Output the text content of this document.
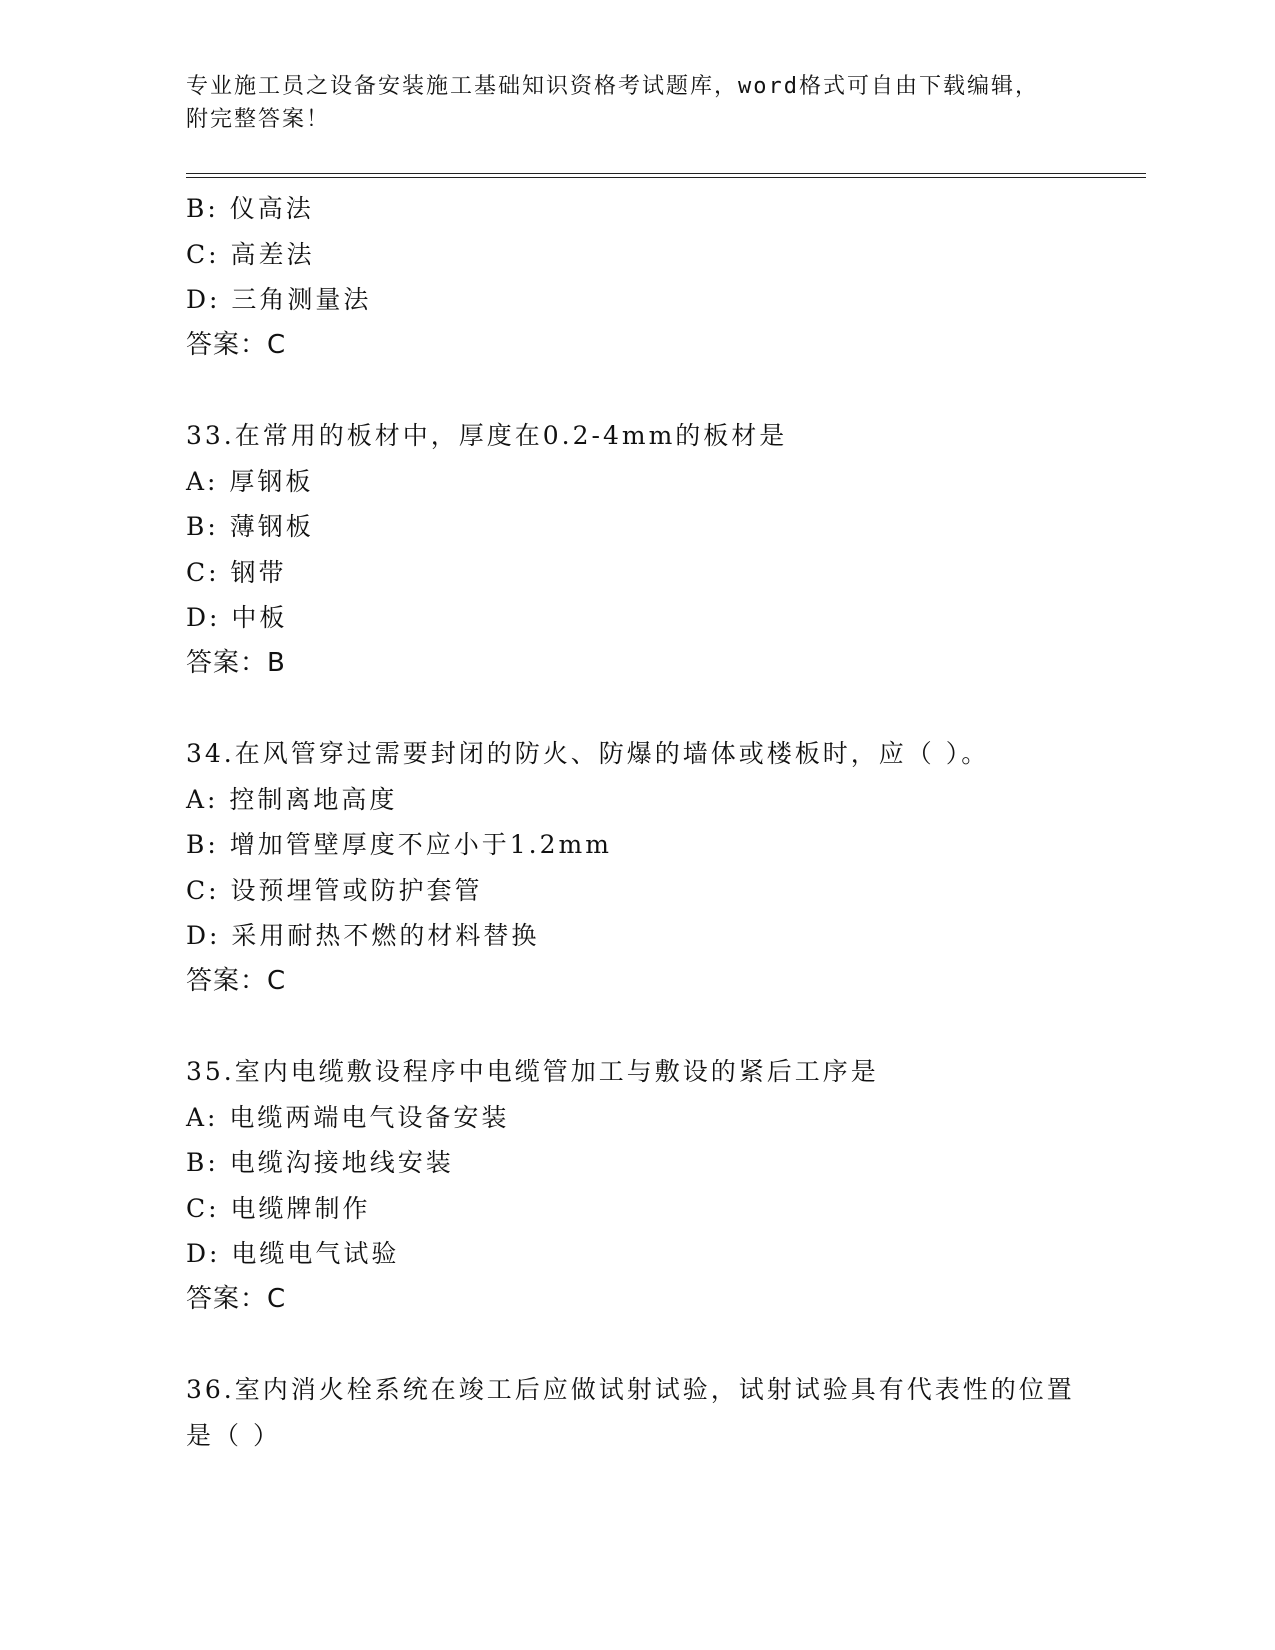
专业施工员之设备安装施工基础知识资格考试题库，word格式可自由下载编辑，
附完整答案！
B: 仪高法
C: 高差法
D: 三角测量法
答案：C
33.在常用的板材中，厚度在0.2-4mm的板材是
A: 厚钢板
B: 薄钢板
C: 钢带
D: 中板
答案：B
34.在风管穿过需要封闭的防火、防爆的墙体或楼板时，应（ ）。
A: 控制离地高度
B: 增加管壁厚度不应小于1.2mm
C: 设预埋管或防护套管
D: 采用耐热不燃的材料替换
答案：C
35.室内电缆敷设程序中电缆管加工与敷设的紧后工序是
A: 电缆两端电气设备安装
B: 电缆沟接地线安装
C: 电缆牌制作
D: 电缆电气试验
答案：C
36.室内消火栓系统在竣工后应做试射试验，试射试验具有代表性的位置是（ ）
